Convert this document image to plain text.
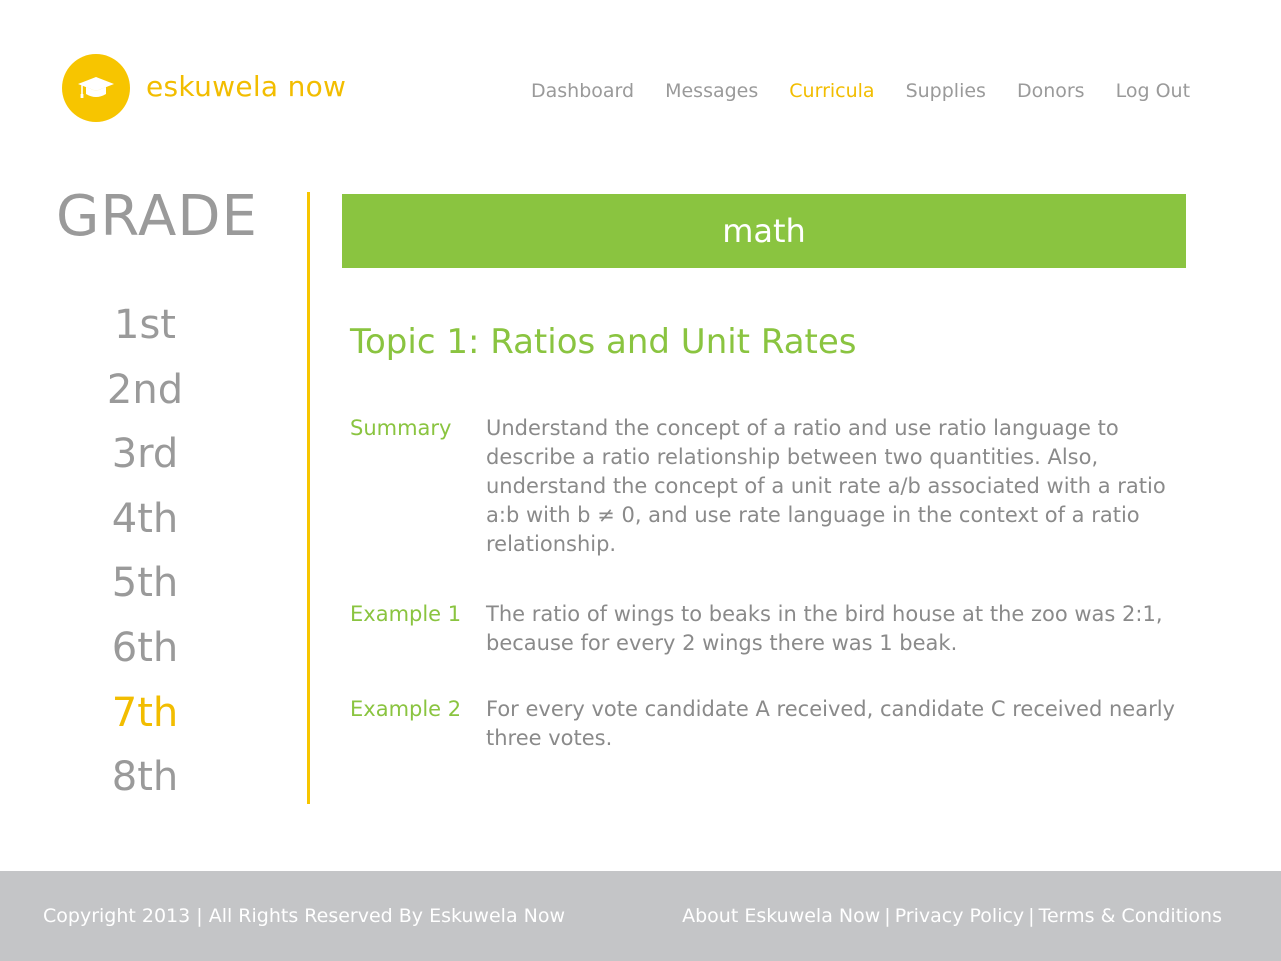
eskuwela now	Dashboard Messages Curricula Supplies Donors Log Out
GRADE
1st
2nd
3rd
4th
5th
6th
7th
8th
math
Topic 1: Ratios and Unit Rates
Summary	Understand the concept of a ratio and use ratio language to describe a ratio relationship between two quantities. Also, understand the concept of a unit rate a/b associated with a ratio a:b with b ≠ 0, and use rate language in the context of a ratio relationship.
Example 1	The ratio of wings to beaks in the bird house at the zoo was 2:1, because for every 2 wings there was 1 beak.
Example 2	For every vote candidate A received, candidate C received nearly three votes.
Copyright 2013 | All Rights Reserved By Eskuwela Now	About Eskuwela Now | Privacy Policy | Terms & Conditions
